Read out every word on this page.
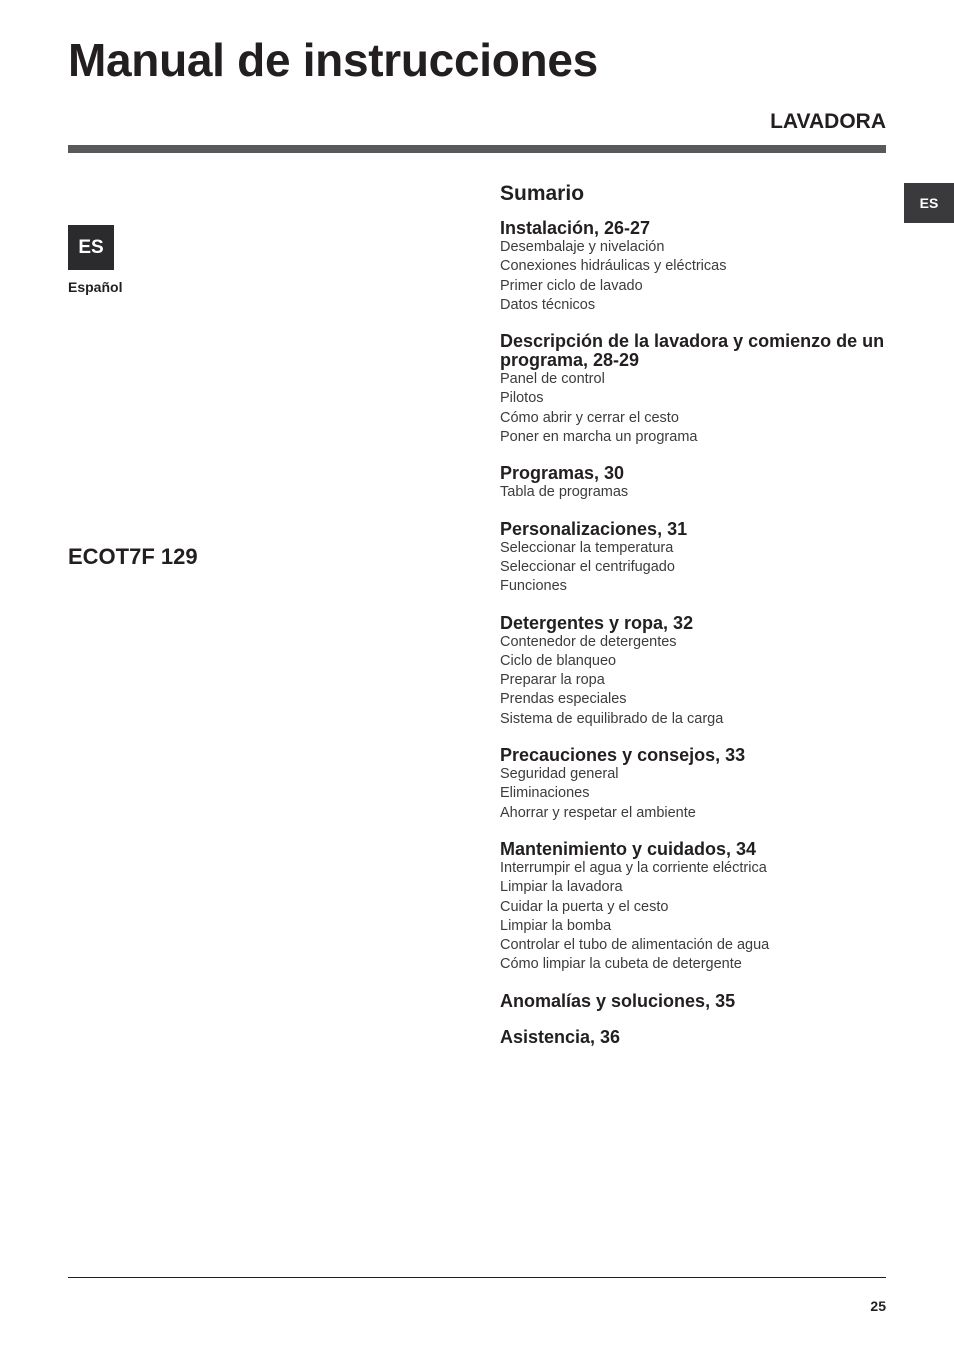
Manual de instrucciones
LAVADORA
ES
ES
Español
ECOT7F 129
Sumario
Instalación, 26-27
Desembalaje y nivelación
Conexiones hidráulicas y eléctricas
Primer ciclo de lavado
Datos técnicos
Descripción de la lavadora y comienzo de un programa, 28-29
Panel de control
Pilotos
Cómo abrir y cerrar el cesto
Poner en marcha un programa
Programas, 30
Tabla de programas
Personalizaciones, 31
Seleccionar la temperatura
Seleccionar el centrifugado
Funciones
Detergentes y ropa, 32
Contenedor de detergentes
Ciclo de blanqueo
Preparar la ropa
Prendas especiales
Sistema de equilibrado de la carga
Precauciones y consejos, 33
Seguridad general
Eliminaciones
Ahorrar y respetar el ambiente
Mantenimiento y cuidados, 34
Interrumpir el agua y la corriente eléctrica
Limpiar la lavadora
Cuidar la puerta y el cesto
Limpiar la bomba
Controlar el tubo de alimentación de agua
Cómo limpiar la cubeta de detergente
Anomalías y soluciones, 35
Asistencia, 36
25
